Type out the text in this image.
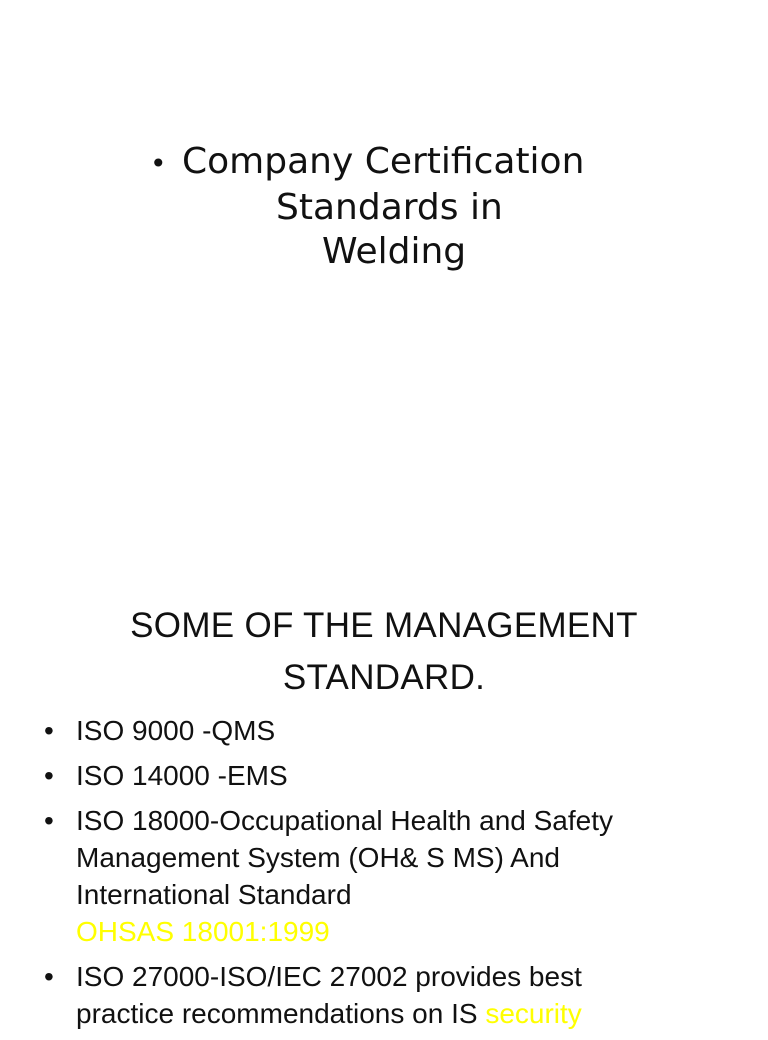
• Company Certification
Standards in
Welding
SOME OF THE MANAGEMENT
STANDARD.
• ISO 9000 -QMS
• ISO 14000 -EMS
• ISO 18000-Occupational Health and Safety
Management System (OH& S MS) And
International Standard
OHSAS 18001:1999
• ISO 27000-ISO/IEC 27002 provides best
practice recommendations on IS security
